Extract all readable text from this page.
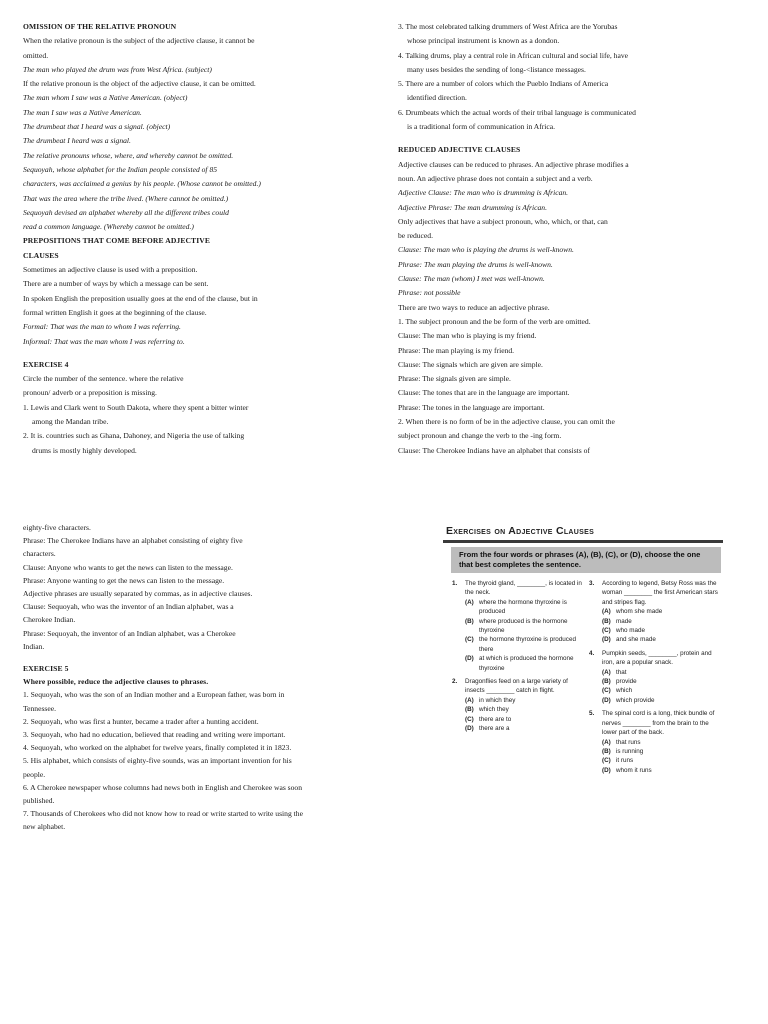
OMISSION OF THE RELATIVE PRONOUN
When the relative pronoun is the subject of the adjective clause, it cannot be
omitted.
The man who played the drum was from West Africa. (subject)
If the relative pronoun is the object of the adjective clause, it can be omitted.
The man whom I saw was a Native American. (object)
The man I saw was a Native American.
The drumbeat that I heard was a signal. (object)
The drumbeat I heard was a signal.
The relative pronouns whose, where, and whereby cannot be omitted.
Sequoyah, whose alphabet for the Indian people consisted of 85
characters, was acclaimed a genius by his people. (Whose cannot be omitted.)
That was the area where the tribe lived. (Where cannot be omitted.)
Sequoyah devised an alphabet whereby all the different tribes could
read a common language. (Whereby cannot be omitted.)
PREPOSITIONS THAT COME BEFORE ADJECTIVE
CLAUSES
Sometimes an adjective clause is used with a preposition.
There are a number of ways by which a message can be sent.
In spoken English the preposition usually goes at the end of the clause, but in
formal written English it goes at the beginning of the clause.
Formal: That was the man to whom I was referring.
Informal: That was the man whom I was referring to.
EXERCISE 4
Circle the number of the sentence. where the relative
pronoun/ adverb or a preposition is missing.
1. Lewis and Clark went to South Dakota, where they spent a bitter winter
among the Mandan tribe.
2. It is. countries such as Ghana, Dahoney, and Nigeria the use of talking
drums is mostly highly developed.
3. The most celebrated talking drummers of West Africa are the Yorubas
whose principal instrument is known as a dondon.
4. Talking drums, play a central role in African cultural and social life, have
many uses besides the sending of long-<listance messages.
5. There are a number of colors which the Pueblo Indians of America
identified direction.
6. Drumbeats which the actual words of their tribal language is communicated
is a traditional form of communication in Africa.
REDUCED ADJECTIVE CLAUSES
Adjective clauses can be reduced to phrases. An adjective phrase modifies a
noun. An adjective phrase does not contain a subject and a verb.
Adjective Clause: The man who is drumming is African.
Adjective Phrase: The man drumming is African.
Only adjectives that have a subject pronoun, who, which, or that, can
be reduced.
Clause: The man who is playing the drums is well-known.
Phrase: The man playing the drums is well-known.
Clause: The man (whom) I met was well-known.
Phrase: not possible
There are two ways to reduce an adjective phrase.
1. The subject pronoun and the be form of the verb are omitted.
Clause: The man who is playing is my friend.
Phrase: The man playing is my friend.
Clause: The signals which are given are simple.
Phrase: The signals given are simple.
Clause: The tones that are in the language are important.
Phrase: The tones in the language are important.
2. When there is no form of be in the adjective clause, you can omit the
subject pronoun and change the verb to the -ing form.
Clause: The Cherokee Indians have an alphabet that consists of
eighty-five characters.
Phrase: The Cherokee Indians have an alphabet consisting of eighty five
characters.
Clause: Anyone who wants to get the news can listen to the message.
Phrase: Anyone wanting to get the news can listen to the message.
Adjective phrases are usually separated by commas, as in adjective clauses.
Clause: Sequoyah, who was the inventor of an Indian alphabet, was a
Cherokee Indian.
Phrase: Sequoyah, the inventor of an Indian alphabet, was a Cherokee
Indian.
EXERCISE 5
Where possible, reduce the adjective clauses to phrases.
1. Sequoyah, who was the son of an Indian mother and a European father, was born in
Tennessee.
2. Sequoyah, who was first a hunter, became a trader after a hunting accident.
3. Sequoyah, who had no education, believed that reading and writing were important.
4. Sequoyah, who worked on the alphabet for twelve years, finally completed it in 1823.
5. His alphabet, which consists of eighty-five sounds, was an important invention for his
people.
6. A Cherokee newspaper whose columns had news both in English and Cherokee was soon
published.
7. Thousands of Cherokees who did not know how to read or write started to write using the
new alphabet.
Exercises on Adjective Clauses
From the four words or phrases (A), (B), (C), or (D), choose the one that best completes the sentence.
1. The thyroid gland, ________, is located in the neck.
(A) where the hormone thyroxine is produced
(B) where produced is the hormone thyroxine
(C) the hormone thyroxine is produced there
(D) at which is produced the hormone thyroxine
2. Dragonflies feed on a large variety of insects ________ catch in flight.
(A) in which they
(B) which they
(C) there are to
(D) there are a
3. According to legend, Betsy Ross was the woman ________ the first American stars and stripes flag.
(A) whom she made
(B) made
(C) who made
(D) and she made
4. Pumpkin seeds, ________, protein and iron, are a popular snack.
(A) that
(B) provide
(C) which
(D) which provide
5. The spinal cord is a long, thick bundle of nerves ________ from the brain to the lower part of the back.
(A) that runs
(B) is running
(C) it runs
(D) whom it runs
